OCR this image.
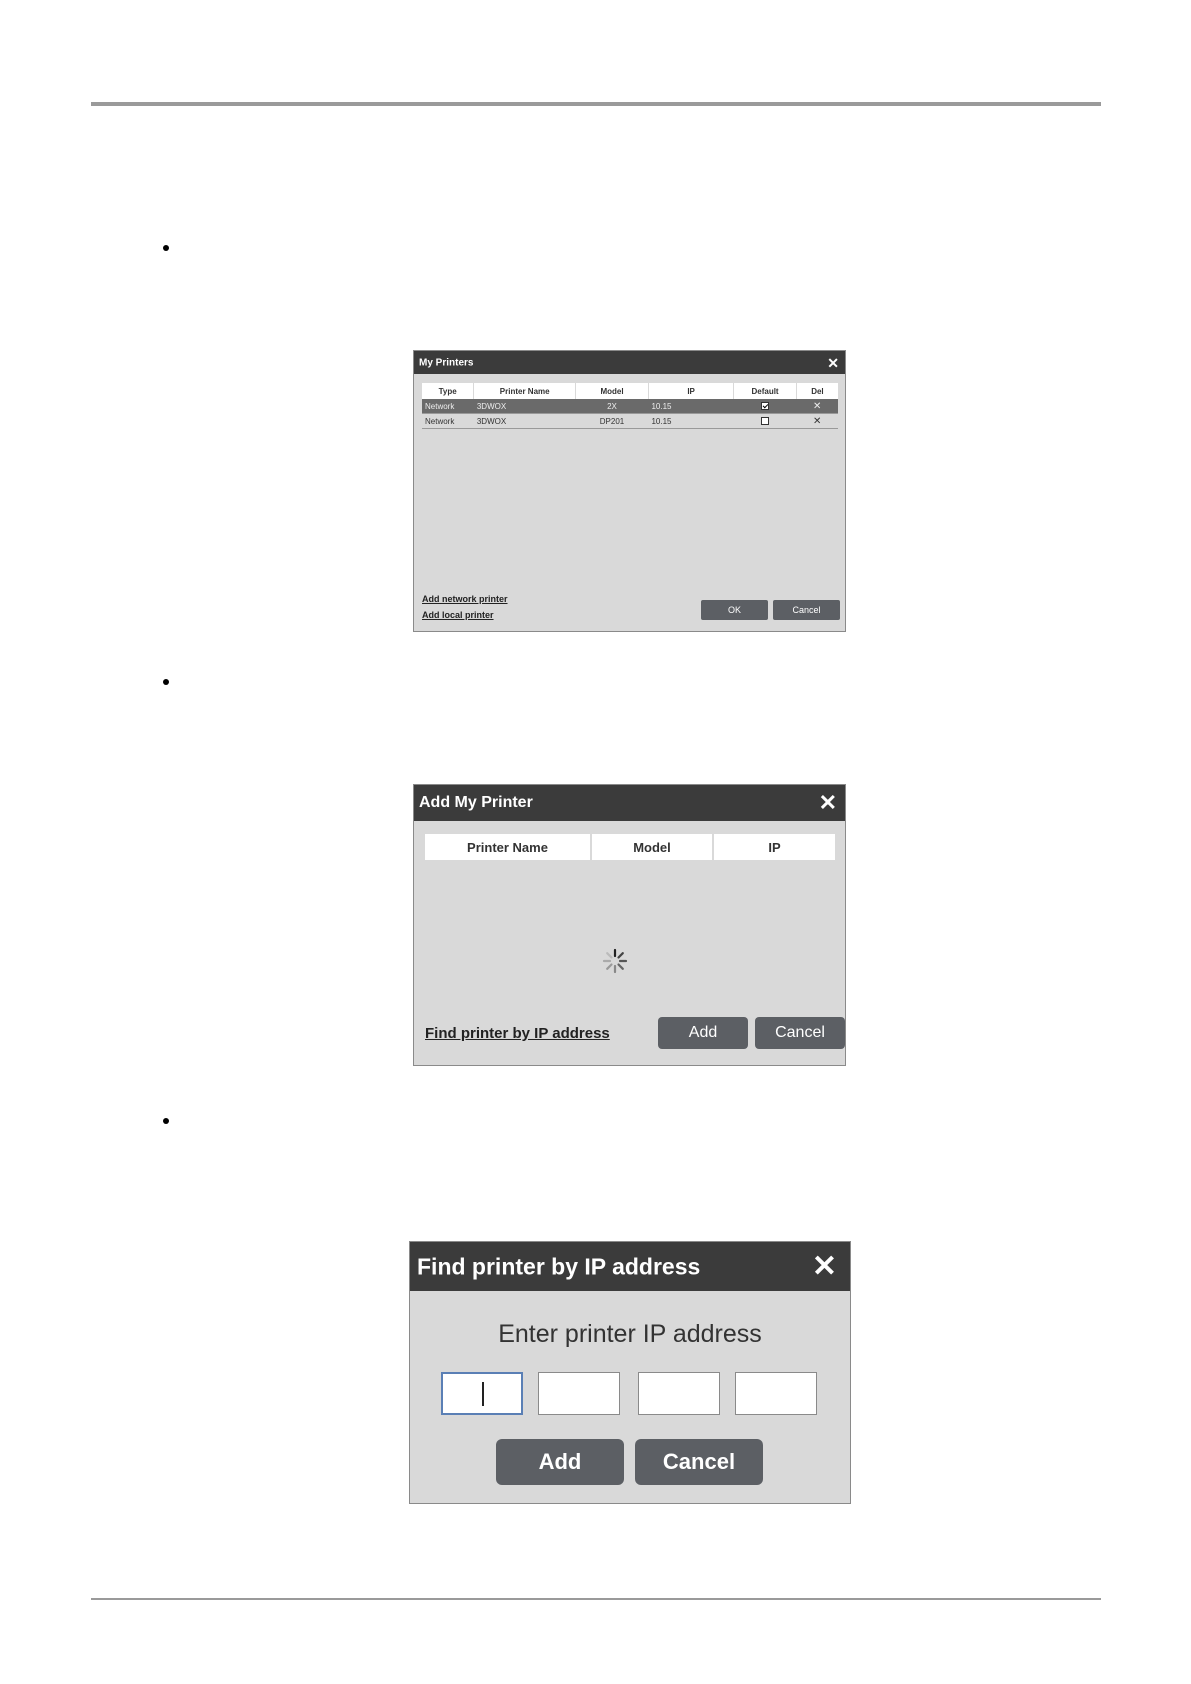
My Printers	✕
Type	Printer Name	Model	IP	Default	Del
Network	3DWOX	2X	10.15		✕
Network	3DWOX	DP201	10.15		✕
Add network printer
Add local printer	OK	Cancel
Add My Printer	✕
Printer Name	Model	IP
Find printer by IP address	Add	Cancel
Find printer by IP address	✕
Enter printer IP address
Add	Cancel
